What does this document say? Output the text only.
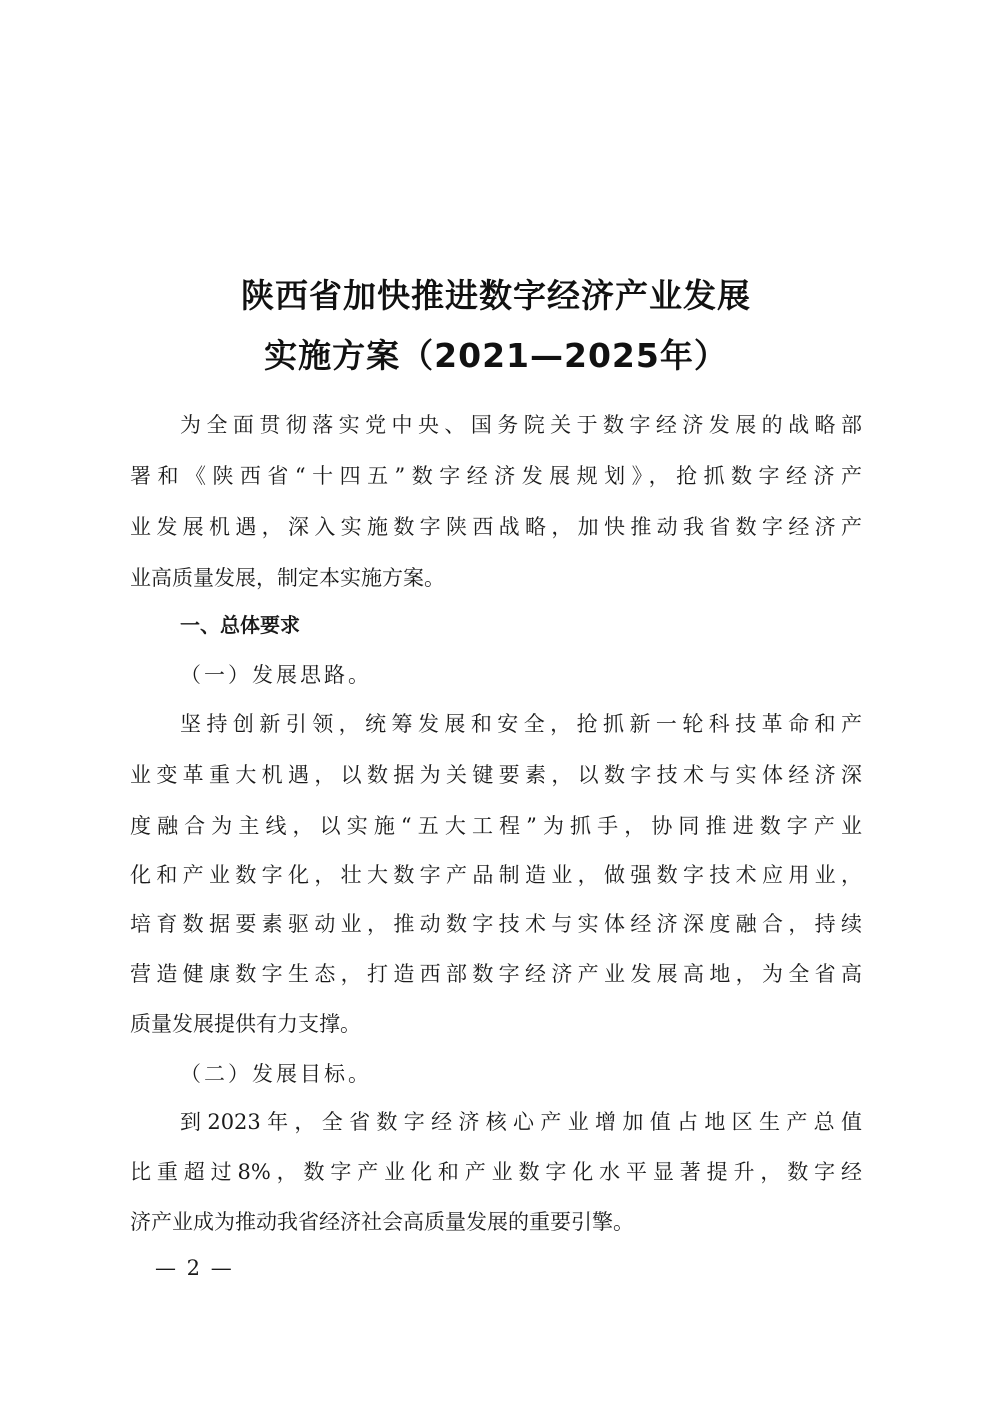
陕西省加快推进数字经济产业发展
实施方案（2021—2025年）
为全面贯彻落实党中央、国务院关于数字经济发展的战略部
署和《陕西省“十四五”数字经济发展规划》，抢抓数字经济产
业发展机遇，深入实施数字陕西战略，加快推动我省数字经济产
业高质量发展，制定本实施方案。
一、总体要求
（一）发展思路。
坚持创新引领，统筹发展和安全，抢抓新一轮科技革命和产
业变革重大机遇，以数据为关键要素，以数字技术与实体经济深
度融合为主线，以实施“五大工程”为抓手，协同推进数字产业
化和产业数字化，壮大数字产品制造业，做强数字技术应用业，
培育数据要素驱动业，推动数字技术与实体经济深度融合，持续
营造健康数字生态，打造西部数字经济产业发展高地，为全省高
质量发展提供有力支撑。
（二）发展目标。
到2023年，全省数字经济核心产业增加值占地区生产总值
比重超过8%，数字产业化和产业数字化水平显著提升，数字经
济产业成为推动我省经济社会高质量发展的重要引擎。
— 2 —
